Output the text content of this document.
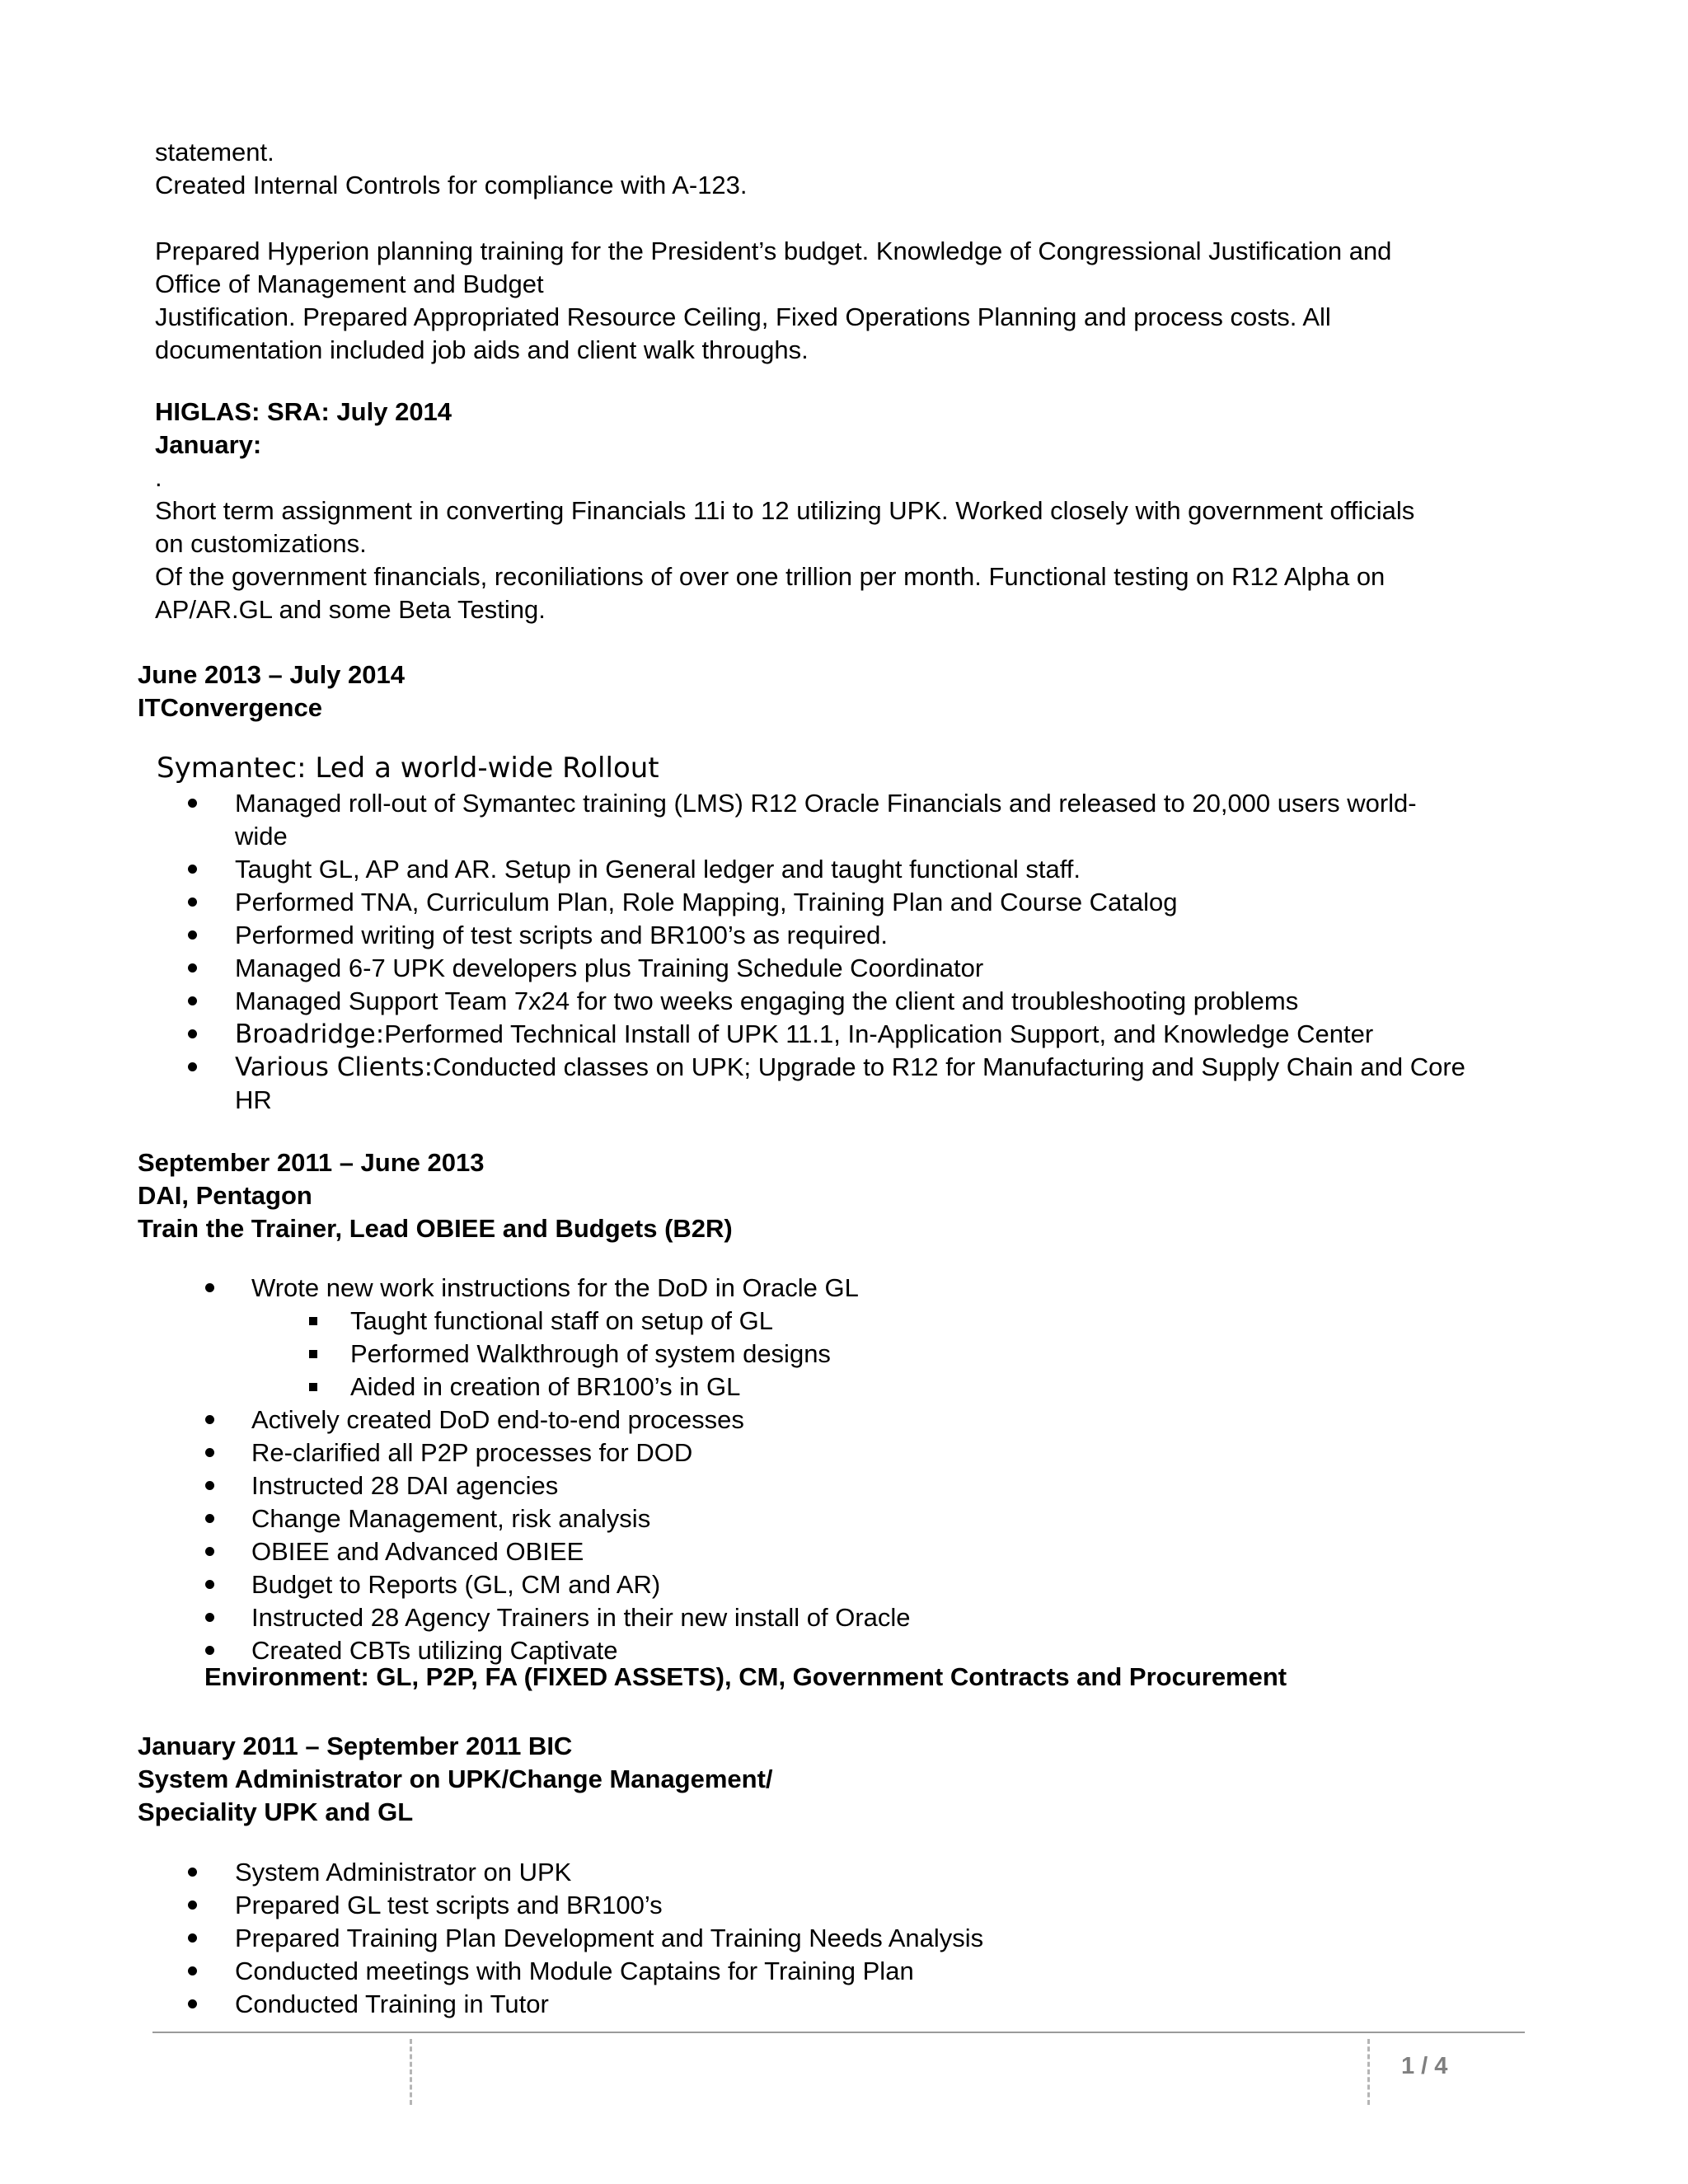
statement.

Created Internal Controls for compliance with A-123.

Prepared Hyperion planning training for the President’s budget. Knowledge of Congressional Justification and

Office of Management and Budget

Justification. Prepared Appropriated Resource Ceiling, Fixed Operations Planning and process costs. All

documentation included job aids and client walk throughs.

HIGLAS: SRA: July 2014

January:

.

Short term assignment in converting Financials 11i to 12 utilizing UPK. Worked closely with government officials

on customizations.

Of the government financials, reconiliations of over one trillion per month. Functional testing on R12 Alpha on

AP/AR.GL and some Beta Testing.

June 2013 – July 2014

ITConvergence

Symantec: Led a world-wide Rollout

Managed roll-out of Symantec training (LMS) R12 Oracle Financials and released to 20,000 users world-

wide

Taught GL, AP and AR. Setup in General ledger and taught functional staff.

Performed TNA, Curriculum Plan, Role Mapping, Training Plan and Course Catalog

Performed writing of test scripts and BR100’s as required.

Managed 6-7 UPK developers plus Training Schedule Coordinator

Managed Support Team 7x24 for two weeks engaging the client and troubleshooting problems

Broadridge:Performed Technical Install of UPK 11.1, In-Application Support, and Knowledge Center

Various Clients:Conducted classes on UPK; Upgrade to R12 for Manufacturing and Supply Chain and Core

HR

September 2011 – June 2013

DAI, Pentagon

Train the Trainer, Lead OBIEE and Budgets (B2R)

Wrote new work instructions for the DoD in Oracle GL

Taught functional staff on setup of GL

Performed Walkthrough of system designs

Aided in creation of BR100’s in GL

Actively created DoD end-to-end processes

Re-clarified all P2P processes for DOD

Instructed 28 DAI agencies

Change Management, risk analysis

OBIEE and Advanced OBIEE

Budget to Reports (GL, CM and AR)

Instructed 28 Agency Trainers in their new install of Oracle

Created CBTs utilizing Captivate

Environment: GL, P2P, FA (FIXED ASSETS), CM, Government Contracts and Procurement

January 2011 – September 2011 BIC

System Administrator on UPK/Change Management/

Speciality UPK and GL

System Administrator on UPK

Prepared GL test scripts and BR100’s

Prepared Training Plan Development and Training Needs Analysis

Conducted meetings with Module Captains for Training Plan

Conducted Training in Tutor

1 / 4
